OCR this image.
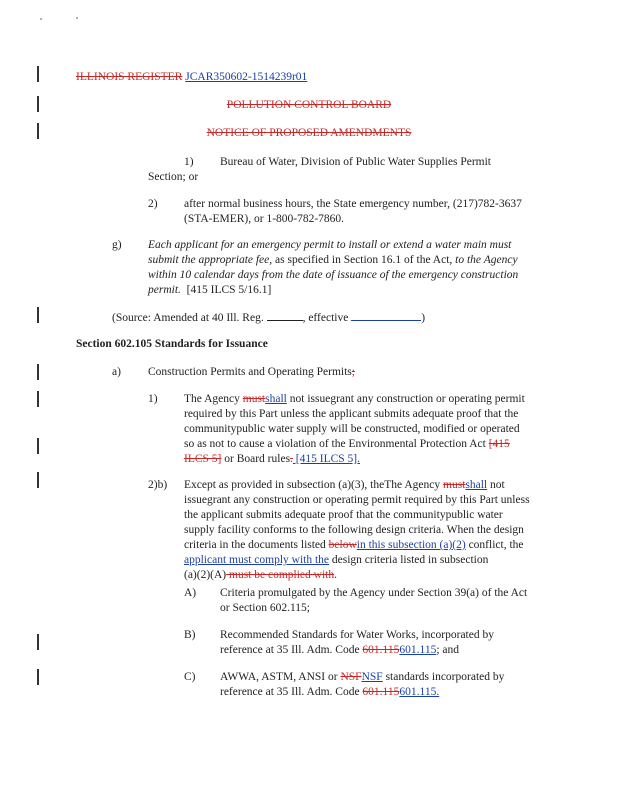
ILLINOIS REGISTER JCAR350602-1514239r01
POLLUTION CONTROL BOARD
NOTICE OF PROPOSED AMENDMENTS
1) Bureau of Water, Division of Public Water Supplies Permit
Section; or
2) after normal business hours, the State emergency number, (217)782-3637
(STA-EMER), or 1-800-782-7860.
g) Each applicant for an emergency permit to install or extend a water main must
submit the appropriate fee, as specified in Section 16.1 of the Act, to the Agency
within 10 calendar days from the date of issuance of the emergency construction
permit. [415 ILCS 5/16.1]
(Source: Amended at 40 Ill. Reg.	, effective	)
Section 602.105 Standards for Issuance
a) Construction Permits and Operating Permits;
1) The Agency mustshall not issuegrant any construction or operating permit
required by this Part unless the applicant submits adequate proof that the
communitypublic water supply will be constructed, modified or operated
so as not to cause a violation of the Environmental Protection Act [415
ILCS 5] or Board rules. [415 ILCS 5].
2)b) Except as provided in subsection (a)(3), theThe Agency mustshall not
issuegrant any construction or operating permit required by this Part unless
the applicant submits adequate proof that the communitypublic water
supply facility conforms to the following design criteria. When the design
criteria in the documents listed belowin this subsection (a)(2) conflict, the
applicant must comply with the design criteria listed in subsection
(a)(2)(A) must be complied with.
A) Criteria promulgated by the Agency under Section 39(a) of the Act
or Section 602.115;
B) Recommended Standards for Water Works, incorporated by
reference at 35 Ill. Adm. Code 601.115601.115; and
C) AWWA, ASTM, ANSI or NSFNSF standards incorporated by
reference at 35 Ill. Adm. Code 601.115601.115.
